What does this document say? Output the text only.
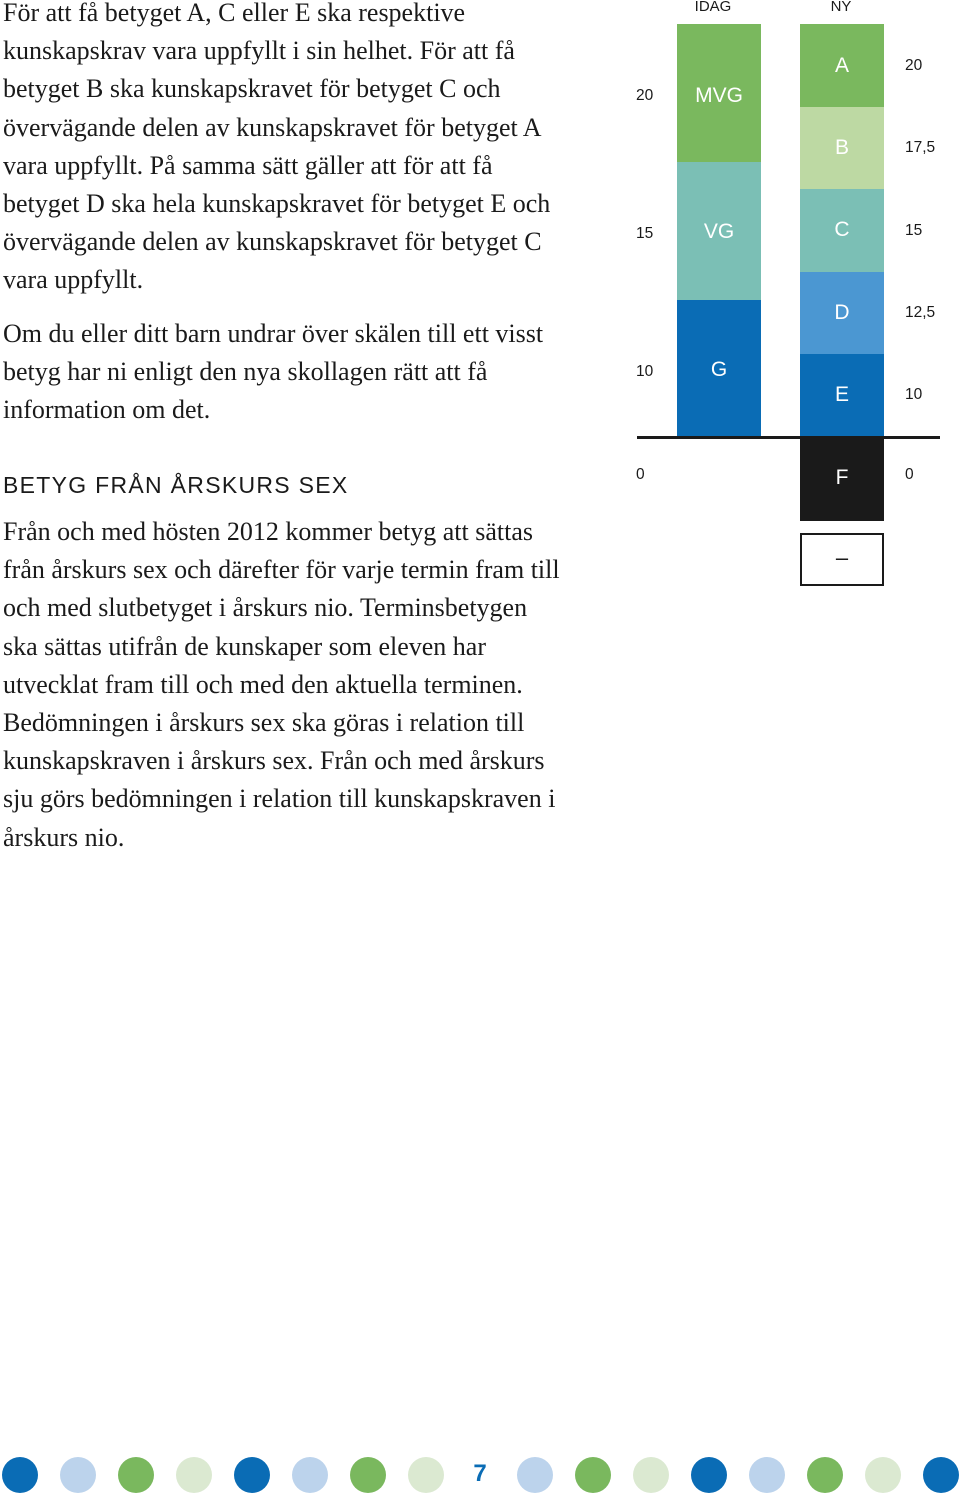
För att få betyget A, C eller E ska respektive kunskapskrav vara uppfyllt i sin helhet. För att få betyget B ska kunskapskravet för betyget C och övervägande delen av kunskapskravet för betyget A vara uppfyllt. På samma sätt gäller att för att få betyget D ska hela kunskapskravet för betyget E och övervägande delen av kunskapskravet för betyget C vara uppfyllt.

Om du eller ditt barn undrar över skälen till ett visst betyg har ni enligt den nya skollagen rätt att få information om det.

BETYG FRÅN ÅRSKURS SEX

Från och med hösten 2012 kommer betyg att sättas från årskurs sex och därefter för varje termin fram till och med slutbetyget i årskurs nio. Terminsbetygen ska sättas utifrån de kunskaper som eleven har utvecklat fram till och med den aktuella terminen. Bedömningen i årskurs sex ska göras i relation till kunskapskraven i årskurs sex. Från och med årskurs sju görs bedömningen i relation till kunskapskraven i årskurs nio.

IDAG	NY
20
15
10
0
MVG
VG
G
A
B
C
D
E
F
–
20
17,5
15
12,5
10
0
7
